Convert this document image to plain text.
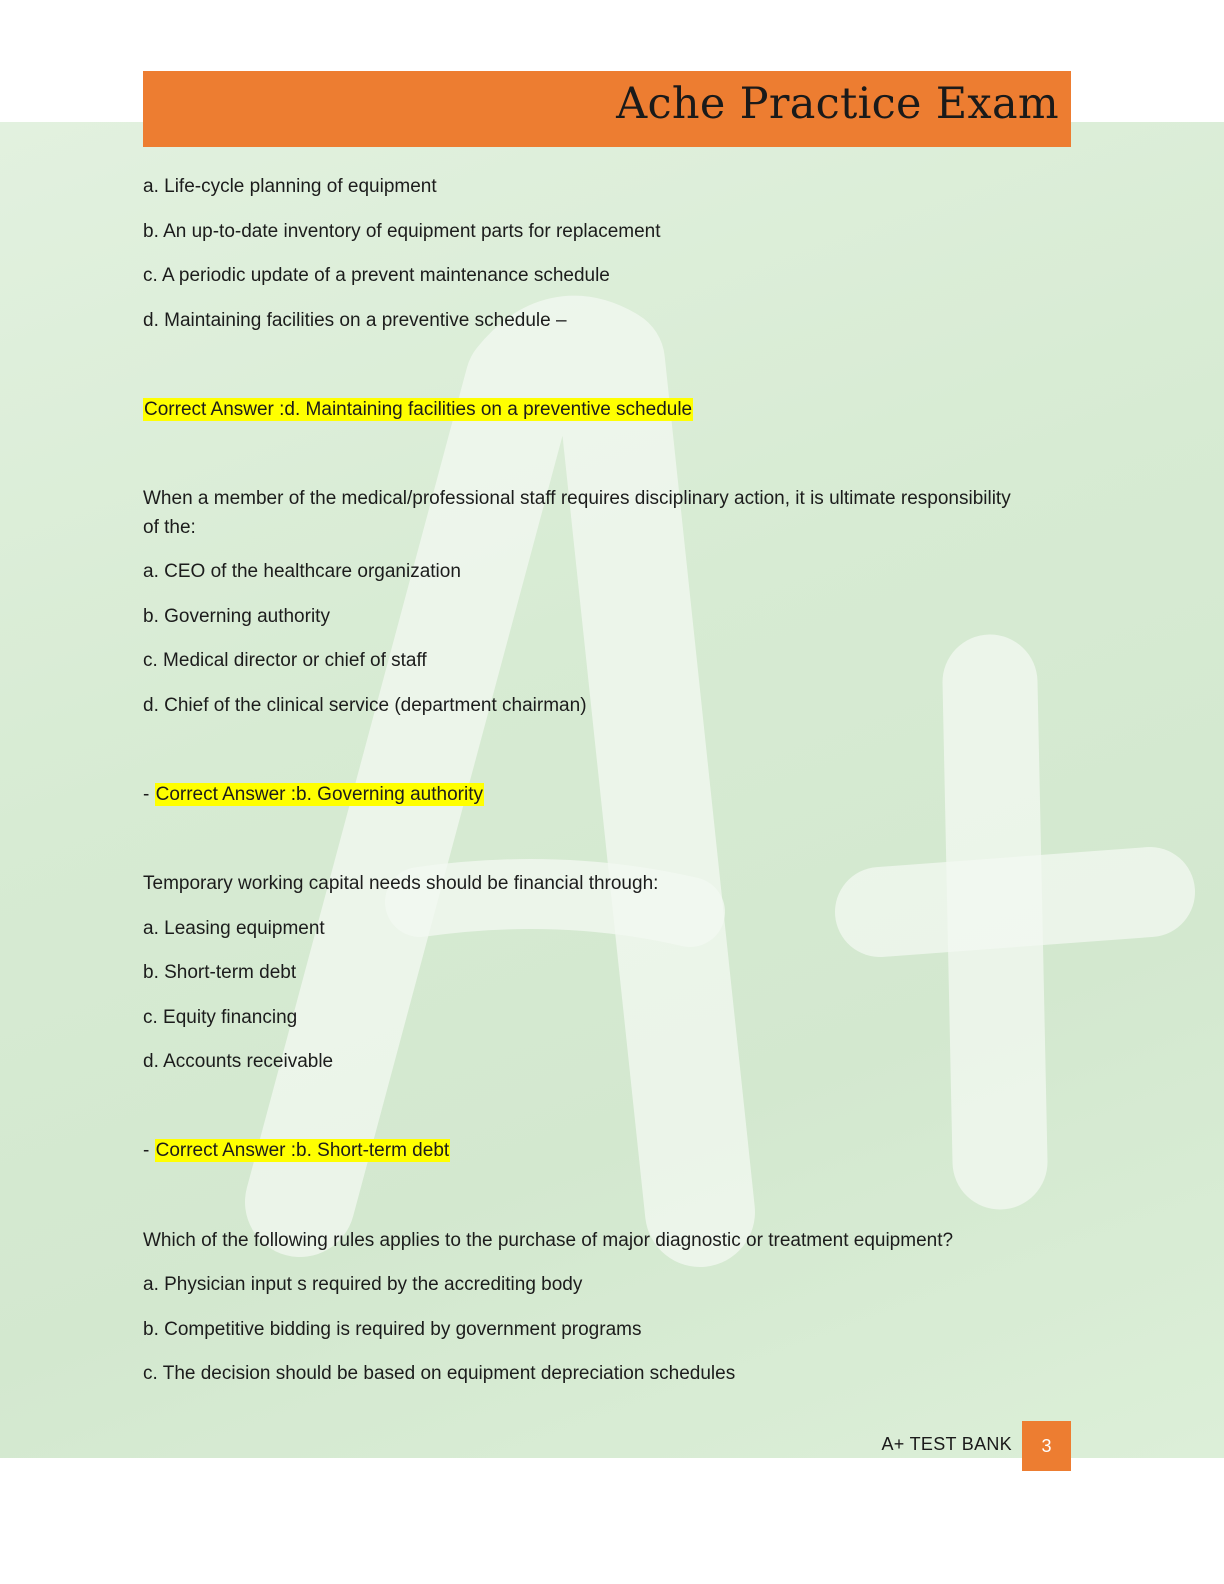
Ache Practice Exam

a. Life-cycle planning of equipment

b. An up-to-date inventory of equipment parts for replacement

c. A periodic update of a prevent maintenance schedule

d. Maintaining facilities on a preventive schedule –

Correct Answer :d. Maintaining facilities on a preventive schedule

When a member of the medical/professional staff requires disciplinary action, it is ultimate responsibility of the:

a. CEO of the healthcare organization

b. Governing authority

c. Medical director or chief of staff

d. Chief of the clinical service (department chairman)

- Correct Answer :b. Governing authority

Temporary working capital needs should be financial through:

a. Leasing equipment

b. Short-term debt

c. Equity financing

d. Accounts receivable

- Correct Answer :b. Short-term debt

Which of the following rules applies to the purchase of major diagnostic or treatment equipment?

a. Physician input s required by the accrediting body

b. Competitive bidding is required by government programs

c. The decision should be based on equipment depreciation schedules

A+ TEST BANK	3
